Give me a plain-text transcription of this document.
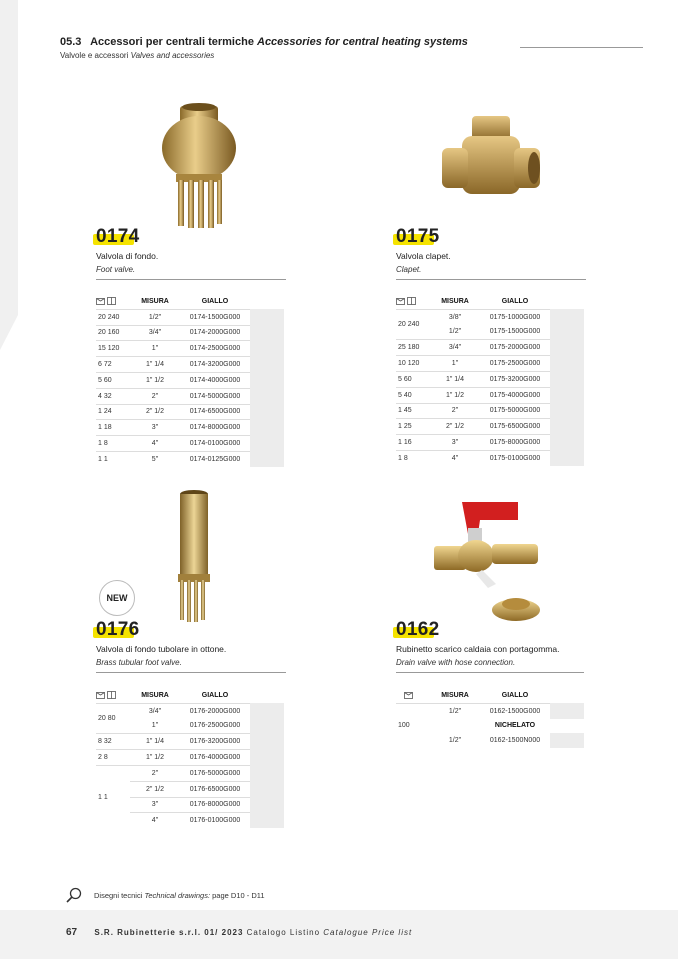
05.3 Accessori per centrali termiche Accessories for central heating systems
Valvole e accessori Valves and accessories
NEW
0174
Valvola di fondo.
Foot valve.
	MISURA	GIALLO	
20 240	1/2"	0174-1500G000	
20 160	3/4"	0174-2000G000	
15 120	1"	0174-2500G000	
6 72	1" 1/4	0174-3200G000	
5 60	1" 1/2	0174-4000G000	
4 32	2"	0174-5000G000	
1 24	2" 1/2	0174-6500G000	
1 18	3"	0174-8000G000	
1 8	4"	0174-0100G000	
1 1	5"	0174-0125G000	
0175
Valvola clapet.
Clapet.
	MISURA	GIALLO	
20 240	3/8"	0175-1000G000	
	1/2"	0175-1500G000	
25 180	3/4"	0175-2000G000	
10 120	1"	0175-2500G000	
5 60	1" 1/4	0175-3200G000	
5 40	1" 1/2	0175-4000G000	
1 45	2"	0175-5000G000	
1 25	2" 1/2	0175-6500G000	
1 16	3"	0175-8000G000	
1 8	4"	0175-0100G000	
0176
Valvola di fondo tubolare in ottone.
Brass tubular foot valve.
	MISURA	GIALLO	
20 80	3/4"	0176-2000G000	
	1"	0176-2500G000	
8 32	1" 1/4	0176-3200G000	
2 8	1" 1/2	0176-4000G000	
1 1	2"	0176-5000G000	
	2" 1/2	0176-6500G000	
	3"	0176-8000G000	
	4"	0176-0100G000	
0162
Rubinetto scarico caldaia con portagomma.
Drain valve with hose connection.
	MISURA	GIALLO	
100	1/2"	0162-1500G000	
		NICHELATO	
	1/2"	0162-1500N000	
Disegni tecnici Technical drawings: page D10 - D11
67 S.R. Rubinetterie s.r.l. 01/ 2023 Catalogo Listino Catalogue Price list
